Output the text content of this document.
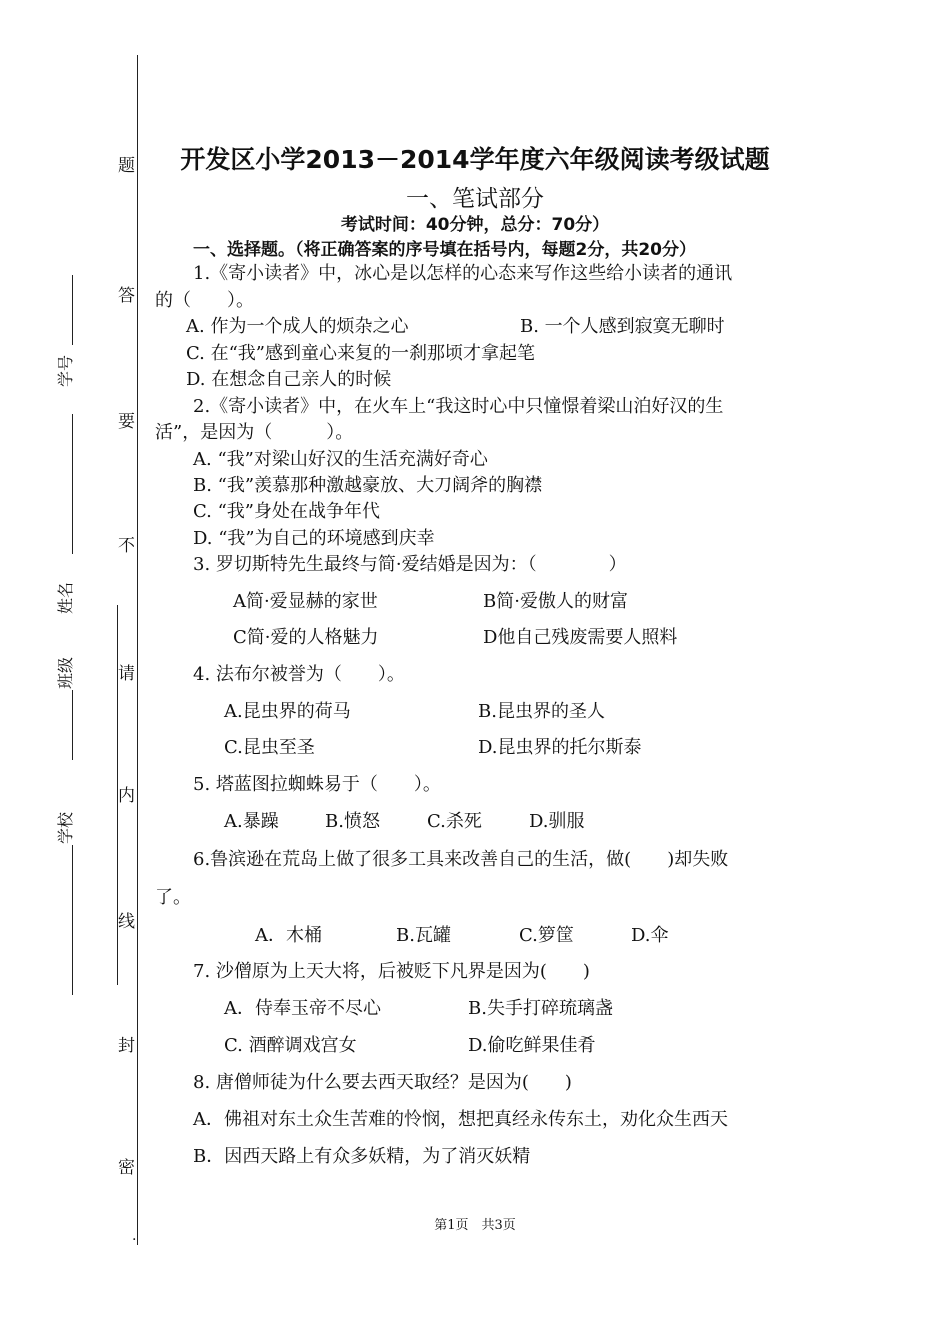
题
答
要
不
请
内
线
封
密
.
学号
姓名
班级
学校
开发区小学2013－2014学年度六年级阅读考级试题
一、笔试部分
考试时间：40分钟，总分：70分）
一、选择题。（将正确答案的序号填在括号内，每题2分，共20分）
1.《寄小读者》中，冰心是以怎样的心态来写作这些给小读者的通讯
的（　　）。
A. 作为一个成人的烦杂之心	B. 一个人感到寂寞无聊时
C. 在“我”感到童心来复的一刹那顷才拿起笔
D. 在想念自己亲人的时候
2.《寄小读者》中，在火车上“我这时心中只憧憬着梁山泊好汉的生
活”，是因为（　　　）。
A. “我”对梁山好汉的生活充满好奇心
B. “我”羡慕那种激越豪放、大刀阔斧的胸襟
C. “我”身处在战争年代
D. “我”为自己的环境感到庆幸
3. 罗切斯特先生最终与简·爱结婚是因为：（　　　　）
A简·爱显赫的家世	B简·爱傲人的财富
C简·爱的人格魅力	D他自己残废需要人照料
4. 法布尔被誉为（　　）。
A.昆虫界的荷马	B.昆虫界的圣人
C.昆虫至圣	D.昆虫界的托尔斯泰
5. 塔蓝图拉蜘蛛易于（　　）。
A.暴躁	B.愤怒	C.杀死	D.驯服
6.鲁滨逊在荒岛上做了很多工具来改善自己的生活，做(　　)却失败
了。
A．木桶	B.瓦罐	C.箩筐	D.伞
7. 沙僧原为上天大将，后被贬下凡界是因为(　　)
A．侍奉玉帝不尽心	B.失手打碎琉璃盏
C. 酒醉调戏宫女	D.偷吃鲜果佳肴
8. 唐僧师徒为什么要去西天取经？是因为(　　)
A．佛祖对东土众生苦难的怜悯，想把真经永传东土，劝化众生西天
B．因西天路上有众多妖精，为了消灭妖精
第1页　共3页
